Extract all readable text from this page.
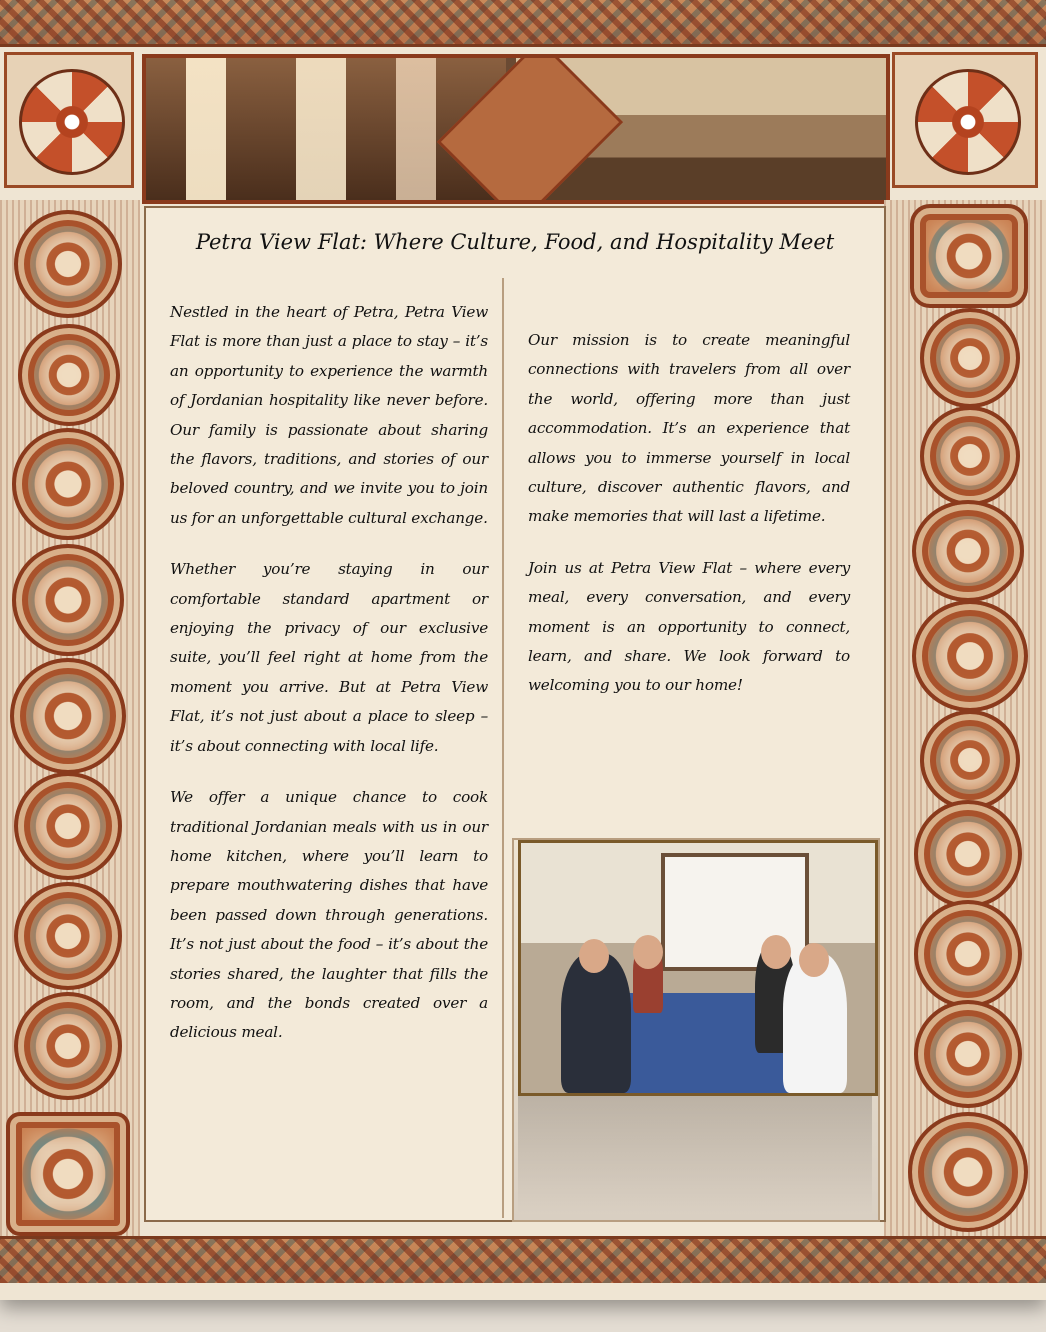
Petra View Flat: Where Culture, Food, and Hospitality Meet

Nestled in the heart of Petra, Petra View Flat is more than just a place to stay – it’s an opportunity to experience the warmth of Jordanian hospitality like never before. Our family is passionate about sharing the flavors, traditions, and stories of our beloved country, and we invite you to join us for an unforgettable cultural exchange.

Whether you’re staying in our comfortable standard apartment or enjoying the privacy of our exclusive suite, you’ll feel right at home from the moment you arrive. But at Petra View Flat, it’s not just about a place to sleep – it’s about connecting with local life.

We offer a unique chance to cook traditional Jordanian meals with us in our home kitchen, where you’ll learn to prepare mouthwatering dishes that have been passed down through generations. It’s not just about the food – it’s about the stories shared, the laughter that fills the room, and the bonds created over a delicious meal.

Our mission is to create meaningful connections with travelers from all over the world, offering more than just accommodation. It’s an experience that allows you to immerse yourself in local culture, discover authentic flavors, and make memories that will last a lifetime.

Join us at Petra View Flat – where every meal, every conversation, and every moment is an opportunity to connect, learn, and share. We look forward to welcoming you to our home!
